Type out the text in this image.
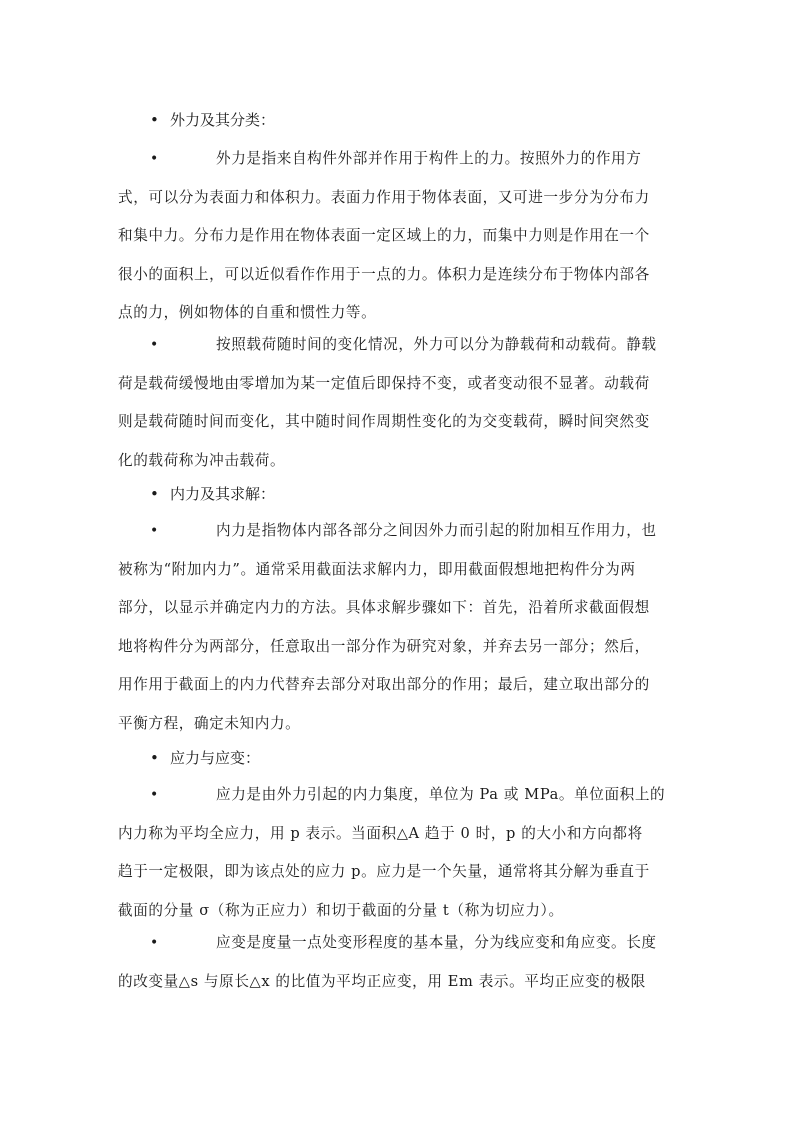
• 外力及其分类：
•	外力是指来自构件外部并作用于构件上的力。按照外力的作用方
式，可以分为表面力和体积力。表面力作用于物体表面，又可进一步分为分布力
和集中力。分布力是作用在物体表面一定区域上的力，而集中力则是作用在一个
很小的面积上，可以近似看作作用于一点的力。体积力是连续分布于物体内部各
点的力，例如物体的自重和惯性力等。
•	按照载荷随时间的变化情况，外力可以分为静载荷和动载荷。静载
荷是载荷缓慢地由零增加为某一定值后即保持不变，或者变动很不显著。动载荷
则是载荷随时间而变化，其中随时间作周期性变化的为交变载荷，瞬时间突然变
化的载荷称为冲击载荷。
• 内力及其求解：
•	内力是指物体内部各部分之间因外力而引起的附加相互作用力，也
被称为“附加内力”。通常采用截面法求解内力，即用截面假想地把构件分为两
部分，以显示并确定内力的方法。具体求解步骤如下：首先，沿着所求截面假想
地将构件分为两部分，任意取出一部分作为研究对象，并弃去另一部分；然后，
用作用于截面上的内力代替弃去部分对取出部分的作用；最后，建立取出部分的
平衡方程，确定未知内力。
• 应力与应变：
•	应力是由外力引起的内力集度，单位为 Pa 或 MPa。单位面积上的
内力称为平均全应力，用 p 表示。当面积△A 趋于 0 时，p 的大小和方向都将
趋于一定极限，即为该点处的应力 p。应力是一个矢量，通常将其分解为垂直于
截面的分量 σ（称为正应力）和切于截面的分量 t（称为切应力）。
•	应变是度量一点处变形程度的基本量，分为线应变和角应变。长度
的改变量△s 与原长△x 的比值为平均正应变，用 Em 表示。平均正应变的极限
